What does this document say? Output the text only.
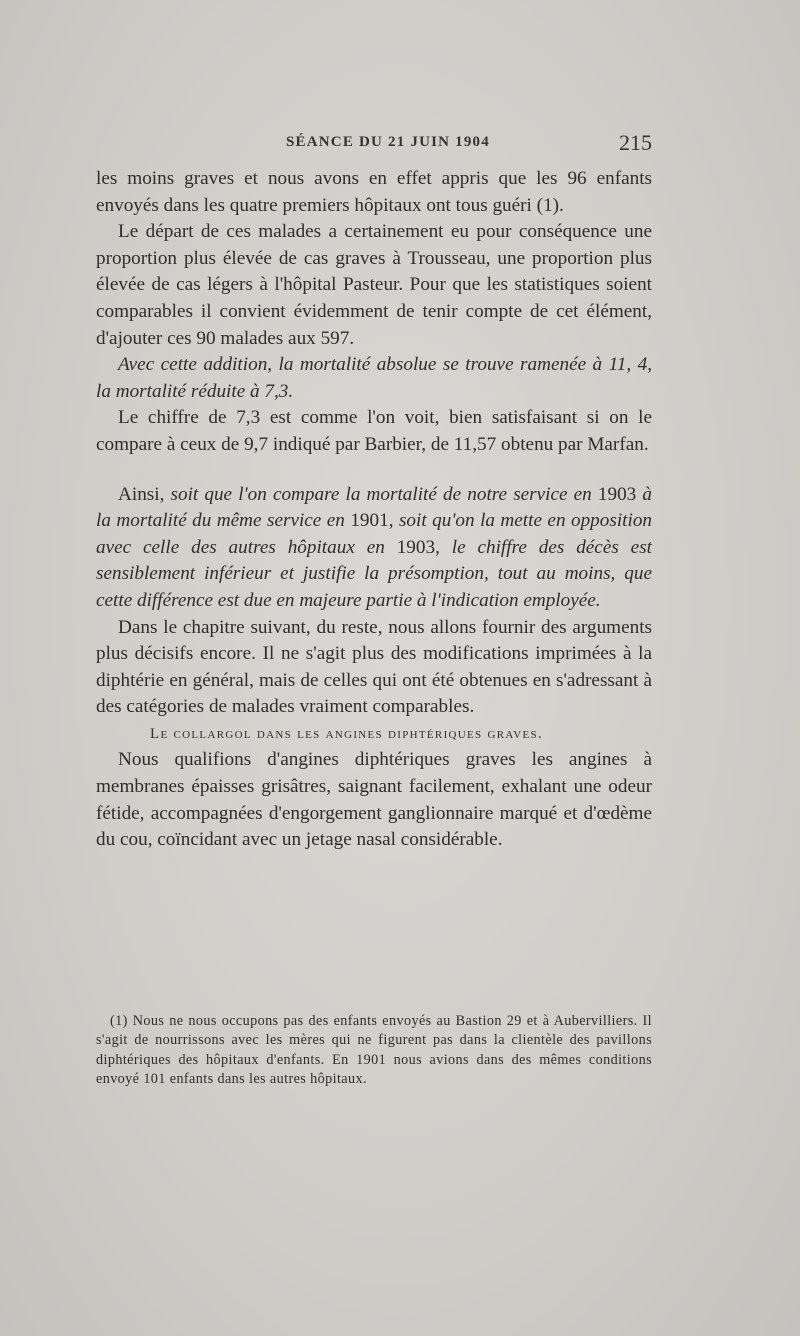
SÉANCE DU 21 JUIN 1904	215

les moins graves et nous avons en effet appris que les 96 enfants envoyés dans les quatre premiers hôpitaux ont tous guéri (1).

Le départ de ces malades a certainement eu pour conséquence une proportion plus élevée de cas graves à Trousseau, une proportion plus élevée de cas légers à l'hôpital Pasteur. Pour que les statistiques soient comparables il convient évidemment de tenir compte de cet élément, d'ajouter ces 90 malades aux 597.

Avec cette addition, la mortalité absolue se trouve ramenée à 11, 4, la mortalité réduite à 7,3.

Le chiffre de 7,3 est comme l'on voit, bien satisfaisant si on le compare à ceux de 9,7 indiqué par Barbier, de 11,57 obtenu par Marfan.

Ainsi, soit que l'on compare la mortalité de notre service en 1903 à la mortalité du même service en 1901, soit qu'on la mette en opposition avec celle des autres hôpitaux en 1903, le chiffre des décès est sensiblement inférieur et justifie la présomption, tout au moins, que cette différence est due en majeure partie à l'indication employée.

Dans le chapitre suivant, du reste, nous allons fournir des arguments plus décisifs encore. Il ne s'agit plus des modifications imprimées à la diphtérie en général, mais de celles qui ont été obtenues en s'adressant à des catégories de malades vraiment comparables.

Le collargol dans les angines diphtériques graves.

Nous qualifions d'angines diphtériques graves les angines à membranes épaisses grisâtres, saignant facilement, exhalant une odeur fétide, accompagnées d'engorgement ganglionnaire marqué et d'œdème du cou, coïncidant avec un jetage nasal considérable.

(1) Nous ne nous occupons pas des enfants envoyés au Bastion 29 et à Aubervilliers. Il s'agit de nourrissons avec les mères qui ne figurent pas dans la clientèle des pavillons diphtériques des hôpitaux d'enfants. En 1901 nous avions dans des mêmes conditions envoyé 101 enfants dans les autres hôpitaux.
